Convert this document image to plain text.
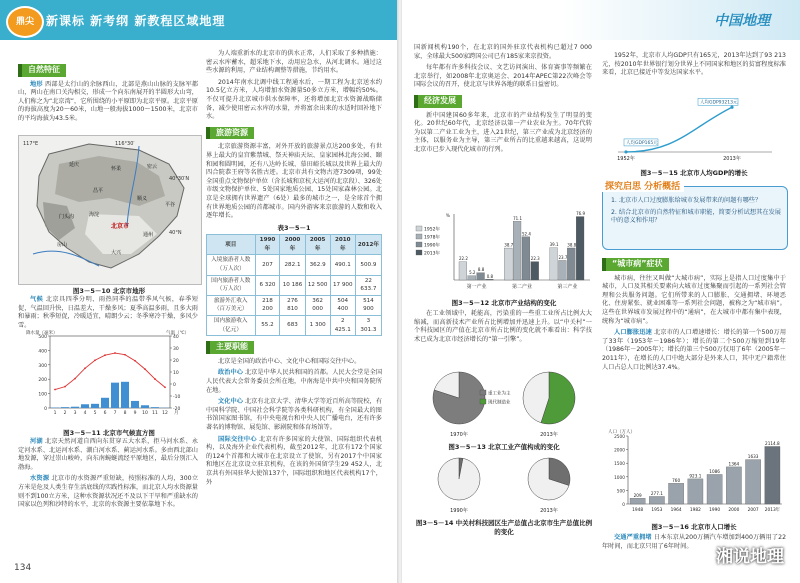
鼎尖	新课标 新考纲 新教程区域地理
自然特征

地形 西部是太行山的余脉西山，北部是燕山山脉的支脉军都山，两山在南口关沟相交，形成一个向东南展开的半圆形大山弯，人们称之为“北京湾”，它所围绕的小平原即为北京平原。北京平原的海拔高度为20～60米，山地一般海拔1000～1500米，北京市的平均海拔为43.5米。

117°E	116°30′
40°30′N
40°N
北京市
延庆
怀柔	密云
平谷
昌平
顺义
门头沟
房山
通州
大兴
海淀
图3－5－10 北京市地形

气候 北京具四季分明、雨热同季的温带季风气候，春季短促，气温回升快，日温差大，干燥多风；夏季高温多雨，且多大雨和暴雨；秋季短促，冷暖适宜，晴朗少云；冬季寒冷干燥，多风少雪。

0
100
200
300
400
500
-20
-10
0
10
20
30
40
1 2 3 4 5 6 7 8 9 10 11 12
降水量（毫米）	气温（℃）
月
图3－5－11 北京市气候直方图

河湖 北京天然河道自西向东贯穿五大水系，拒马河水系、永定河水系、北运河水系、潮白河水系、蓟运河水系。多由西北部山地发源，穿过崇山峻岭，向东南蜿蜒流经平原地区，最后分别汇入渤海。

水资源 北京市的水资源严重短缺，按照标准的人均，300立方米是危及人类生存生活底线的实践性标准，而北京人均水资源量则不到100立方米，这种水资源状况还不及以下干旱和严重缺水的国家以色列和沙特的水平，北京的水资源主要依靠地下水。

为人端重新水的北京市的供水正常，人们采取了多种措施：密云水库蓄水，超采地下水，动用应急水，从河北调水。通过这些水源的利用，产业结构调整等措施，节约用水。

2014年南水北调中线工程通水后，一期工程为北京送水约10.5亿立方米，人均增加水资源量50多立方米，增幅约50%。不仅可提升北京城市供水保障率，还将增加北京水资源战略储备，减少使用密云水库的水量，并将富余出来的水适时回补地下水。

旅游资源

北京旅游资源丰富，对外开放的旅游景点达200多处，有世界上最大的皇宫紫禁城、祭天神庙天坛、皇家园林北海公园、颐和园和圆明园，还有八达岭长城、慕田峪长城以及世界上最大的四合院恭王府等名胜古迹。北京市共有文物古迹7309项，99处全国重点文物保护单位（含长城和京杭大运河的北京段）、326处市级文物保护单位、5处国家地质公园、15处国家森林公园。北京是全球拥有世界遗产（6处）最多的城市之一，是全球首个拥有世界地质公园的首都城市。国内外游客来京旅游的人数和收入逐年增长。

表3－5－1
项目	1990年	2000年	2005年	2010年	2012年
入境旅游者人数（万人次）	207	282.1	362.9	490.1	500.9
国内旅游者人数（万人次）	6 320	10 186	12 500	17 900	22 633.7
旅游外汇收入（百万美元）	218 200	276 810	362 000	504 400	514 900
国内旅游收入（亿元）	55.2	683	1 300	2 425.1	3 301.3
主要职能

北京是全国的政治中心、文化中心和国际交往中心。

政治中心 北京是中华人民共和国的首都。人民大会堂是全国人民代表大会常务委员会所在地，中南海是中共中央和国务院所在地。

文化中心 北京有北京大学、清华大学等近百所高等院校，有中国科学院、中国社会科学院等各类科研机构，有全国最大的图书馆国家图书馆，有中央电视台和中央人民广播电台，还有许多著名的博物馆、展览馆、影剧院和体育场馆等。

国际交往中心 北京有许多国家的大使馆、国际组织代表机构，以及海外企业代表机构，截至2012年，北京有172个国家的124个首都和大城市在北京设立了使馆，另有2017个中国家和地区在北京设立驻京机构，在该的外国留学生29 452人，北京共有外国驻华大使馆137个，国际组织和地区代表机构17个，外

134
中国地理

国新闻机构190个，在北京的国外驻京代表机构已超过7 000家，全球最大500家跨国公司已有185家来京投资。

每年都有许多科技会议、文艺访问演出、体育赛事等频繁在北京举行，如2008年北京奥运会、2014年APEC第22次峰会等国际会议的召开，使北京与世界各地的联系日益密切。

经济发展

新中国建国60多年来，北京市的产业结构发生了明显的变化。20世纪60年代，北京经济以第一产业农业为主。70年代转为以第二产业工业为主，进入21世纪，第三产业成为北京经济的主体，以服务业为主导，第三产业所占的比重越来越高，这说明北京市已步入现代化城市的行列。

%
22.2
5.2
8.8
0.8
第一产业
38.7
71.1
52.4
22.3
第二产业
39.1
23.7
38.8
76.9
第三产业
1952年
1978年
1990年
2013年
图3－5－12 北京市产业结构的变化

在工业领域中，耗能高，污染重的一些重工业所占比例大大缩减，而高新技术产业所占比例增加并迅速上升。以“中关村”一个科技园区的产值在北京市所占比例的变化就不难看出：科学技术已成为北京市经济增长的“第一引擎”。

1970年	2013年
重工业为主
现代制造业
图3－5－13 北京工业产值构成的变化
1990年	2013年
图3－5－14 中关村科技园区生产总值占北京市生产总值比例的变化

1952年，北京市人均GDP只有165元，2013年达到了93 213元，按2010年世界银行划分世界上不同国家和地区的贫富程度标准来看，北京已接近中等发达国家水平。

1952年
人均GDP165元
2013年
人均GDP93213元
图3－5－15 北京市人均GDP的增长
探究启思 分析概括

1. 北京市人口过度膨胀给城市发展带来的问题有哪些？

2. 结合北京市的自然特征和城市职能，简要分析试想其在发展中的意义和作用？

“城市病”症状

城市病，往往又叫做“大城市病”，实际上是指人口过度集中于城市，人口及其相关要素向大城市过度集聚而引起的一系列社会管理和公共服务问题。它们所带来的人口膨胀、交通拥堵、环境恶化、住房紧张、就业困难等一系列社会问题，被称之为“城市病”。这些在世界城市发展过程中的“通病”，在大城市中都有集中表现，统称为“城市病”。

人口膨胀迅速 北京市的人口增速增长：增长的第一个500万用了33年（1953年－1986年）；增长的第二个500万缩短到19年（1986年－2005年）；增长的第三个500万仅用了6年（2005年－2011年），在增长的人口中绝大部分是外来人口，其中无户籍常住人口占总人口比例达37.4%。

人口（万人）
0
500
1000
1500
2000
2500
209
1948
277.1
1953
760
1964
923.1
1982
1086
1990
1364
2000
1633
2007
2114.8
2013年
图3－5－16 北京市人口增长

交通严重拥堵 日本东京从200万辆汽车增加到400万辆用了22年时间，而北京只用了6年时间。

湘说地理
